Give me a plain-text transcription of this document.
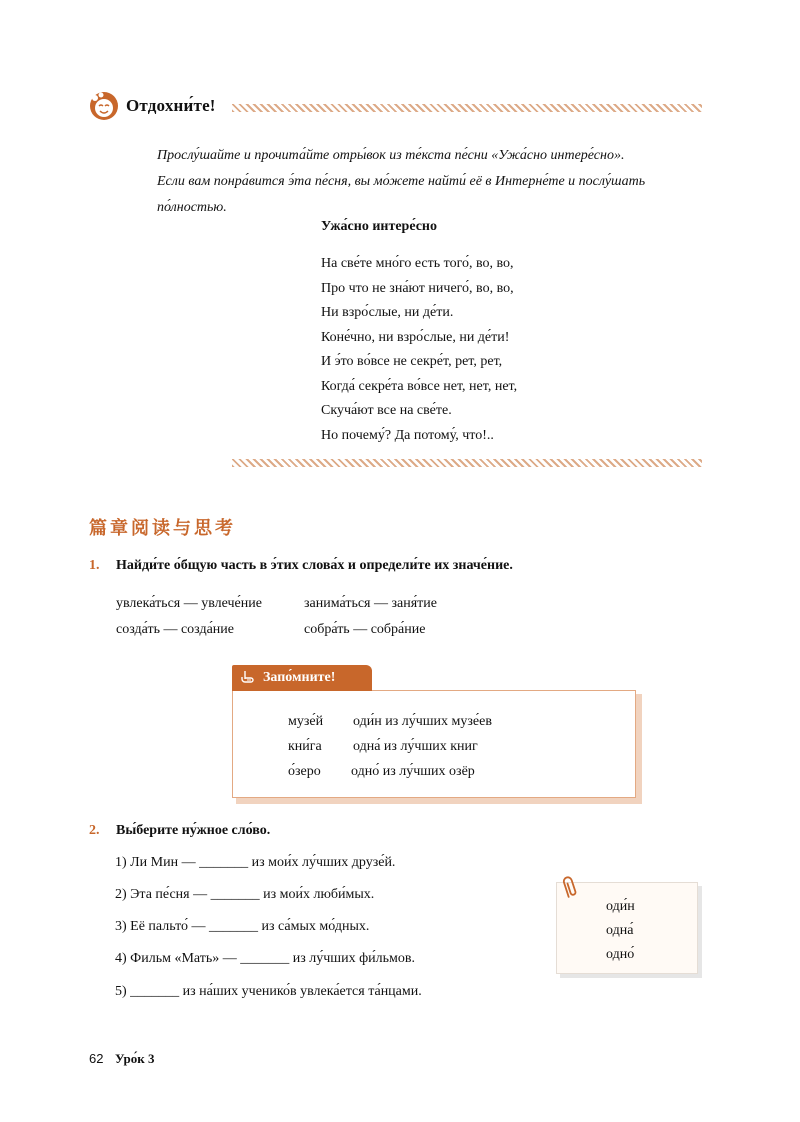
Отдохни́те!

Прослу́шайте и прочита́йте отры́вок из те́кста пе́сни «Ужа́сно интере́сно».

Если вам понра́вится э́та пе́сня, вы мо́жете найти́ её в Интерне́те и послу́шать

по́лностью.

Ужа́сно интере́сно
На све́те мно́го есть того́, во, во,
Про что не зна́ют ничего́, во, во,
Ни взро́слые, ни де́ти.
Коне́чно, ни взро́слые, ни де́ти!
И э́то во́все не секре́т, рет, рет,
Когда́ секре́та во́все нет, нет, нет,
Скуча́ют все на све́те.
Но почему́? Да потому́, что!..
篇章阅读与思考
1. Найди́те о́бщую часть в э́тих слова́х и определи́те их значе́ние.
увлека́ться — увлече́ние	занима́ться — заня́тие
созда́ть — созда́ние	собра́ть — собра́ние
Запо́мните!
музе́й оди́н из лу́чших музе́ев
кни́га одна́ из лу́чших книг
о́зеро одно́ из лу́чших озёр
2. Вы́берите ну́жное сло́во.
1) Ли Мин — _______ из мои́х лу́чших друзе́й.
2) Эта пе́сня — _______ из мои́х люби́мых.
3) Её пальто́ — _______ из са́мых мо́дных.
4) Фильм «Мать» — _______ из лу́чших фи́льмов.
5) _______ из на́ших ученико́в увлека́ется та́нцами.
оди́н
одна́
одно́
62 Уро́к 3
